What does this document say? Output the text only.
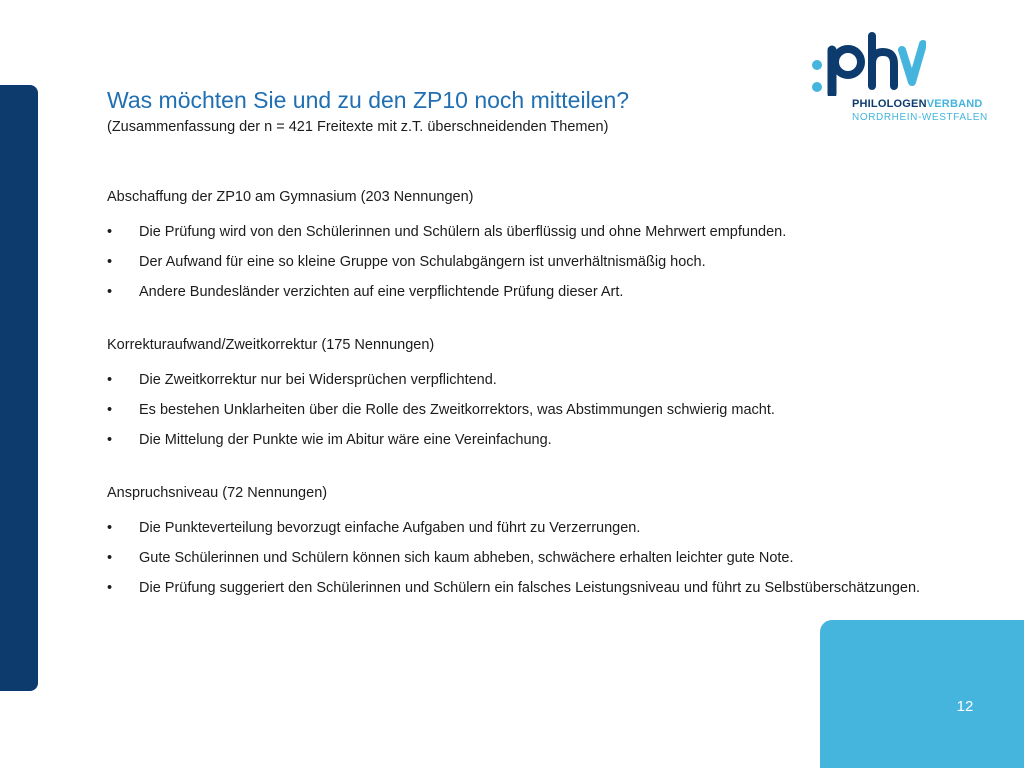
PHILOLOGENVERBAND
NORDRHEIN-WESTFALEN
Was möchten Sie und zu den ZP10 noch mitteilen?

(Zusammenfassung der n = 421 Freitexte mit z.T. überschneidenden Themen)

Abschaffung der ZP10 am Gymnasium (203 Nennungen)
• Die Prüfung wird von den Schülerinnen und Schülern als überflüssig und ohne Mehrwert empfunden.
• Der Aufwand für eine so kleine Gruppe von Schulabgängern ist unverhältnismäßig hoch.
• Andere Bundesländer verzichten auf eine verpflichtende Prüfung dieser Art.
Korrekturaufwand/Zweitkorrektur (175 Nennungen)
• Die Zweitkorrektur nur bei Widersprüchen verpflichtend.
• Es bestehen Unklarheiten über die Rolle des Zweitkorrektors, was Abstimmungen schwierig macht.
• Die Mittelung der Punkte wie im Abitur wäre eine Vereinfachung.
Anspruchsniveau (72 Nennungen)
• Die Punkteverteilung bevorzugt einfache Aufgaben und führt zu Verzerrungen.
• Gute Schülerinnen und Schülern können sich kaum abheben, schwächere erhalten leichter gute Note.
• Die Prüfung suggeriert den Schülerinnen und Schülern ein falsches Leistungsniveau und führt zu Selbstüberschätzungen.
12
